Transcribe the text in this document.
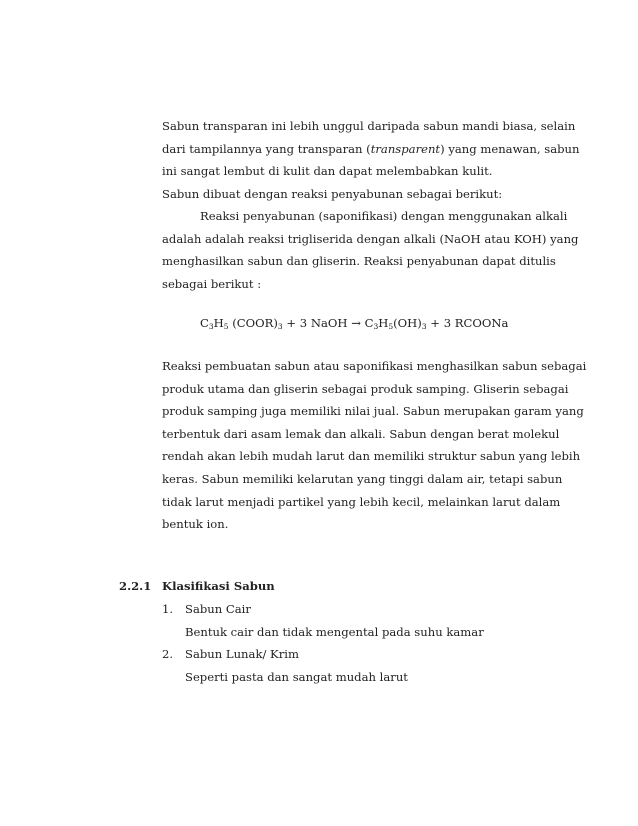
Sabun transparan ini lebih unggul daripada sabun mandi biasa, selain
dari tampilannya yang transparan (transparent) yang menawan, sabun
ini sangat lembut di kulit dan dapat melembabkan kulit.
Sabun dibuat dengan reaksi penyabunan sebagai berikut:
Reaksi penyabunan (saponifikasi) dengan menggunakan alkali
adalah adalah reaksi trigliserida dengan alkali (NaOH atau KOH) yang
menghasilkan sabun dan gliserin. Reaksi penyabunan dapat ditulis
sebagai berikut :
$C_3H_5$ $(COOR)_3 + 3$ NaOH → $C_3H_5(OH)_3 + 3$ RCOONa
Reaksi pembuatan sabun atau saponifikasi menghasilkan sabun sebagai
produk utama dan gliserin sebagai produk samping. Gliserin sebagai
produk samping juga memiliki nilai jual. Sabun merupakan garam yang
terbentuk dari asam lemak dan alkali. Sabun dengan berat molekul
rendah akan lebih mudah larut dan memiliki struktur sabun yang lebih
keras. Sabun memiliki kelarutan yang tinggi dalam air, tetapi sabun
tidak larut menjadi partikel yang lebih kecil, melainkan larut dalam
bentuk ion.
2.2.1 Klasifikasi Sabun
1. Sabun Cair
Bentuk cair dan tidak mengental pada suhu kamar
2. Sabun Lunak/ Krim
Seperti pasta dan sangat mudah larut
